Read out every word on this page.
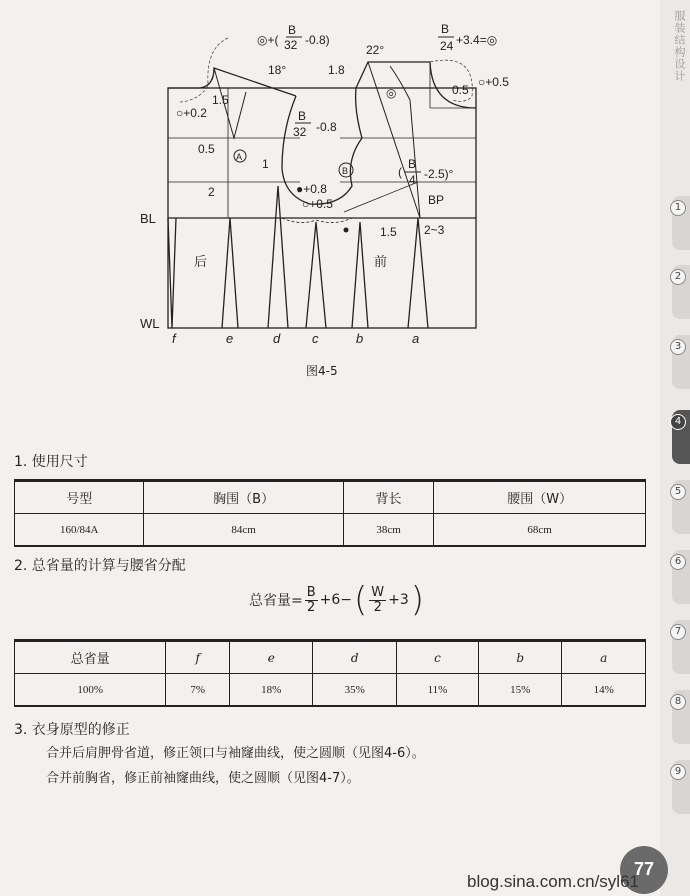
◎+(
B
32 -0.8)
18°
1.5
○+0.2
0.5
A 1
2
B
32 -0.8
B
●+0.8
○+0.5
1.8
22°
◎
B
24 +3.4=◎
○+0.5
0.5
(
B
4 -2.5)°
BP
2~3
1.5
BL
WL
后	前
f	e	d c	b	a
图4-5
1. 使用尺寸
号型	胸围（B）	背长	腰围（W）
160/84A	84cm	38cm	68cm
2. 总省量的计算与腰省分配
总省量= $\frac{B}{2} +6-$ ( $\frac{W}{2} +3$ )
总省量	f	e	d	c	b	a
100%	7%	18%	35%	11%	15%	14%
3. 衣身原型的修正
合并后肩胛骨省道，修正领口与袖窿曲线，使之圆顺（见图4-6）。
合并前胸省，修正前袖窿曲线，使之圆顺（见图4-7）。
服装结构设计
1
2
3
4
5
6
7
8
9
77
blog.sina.com.cn/syl61
